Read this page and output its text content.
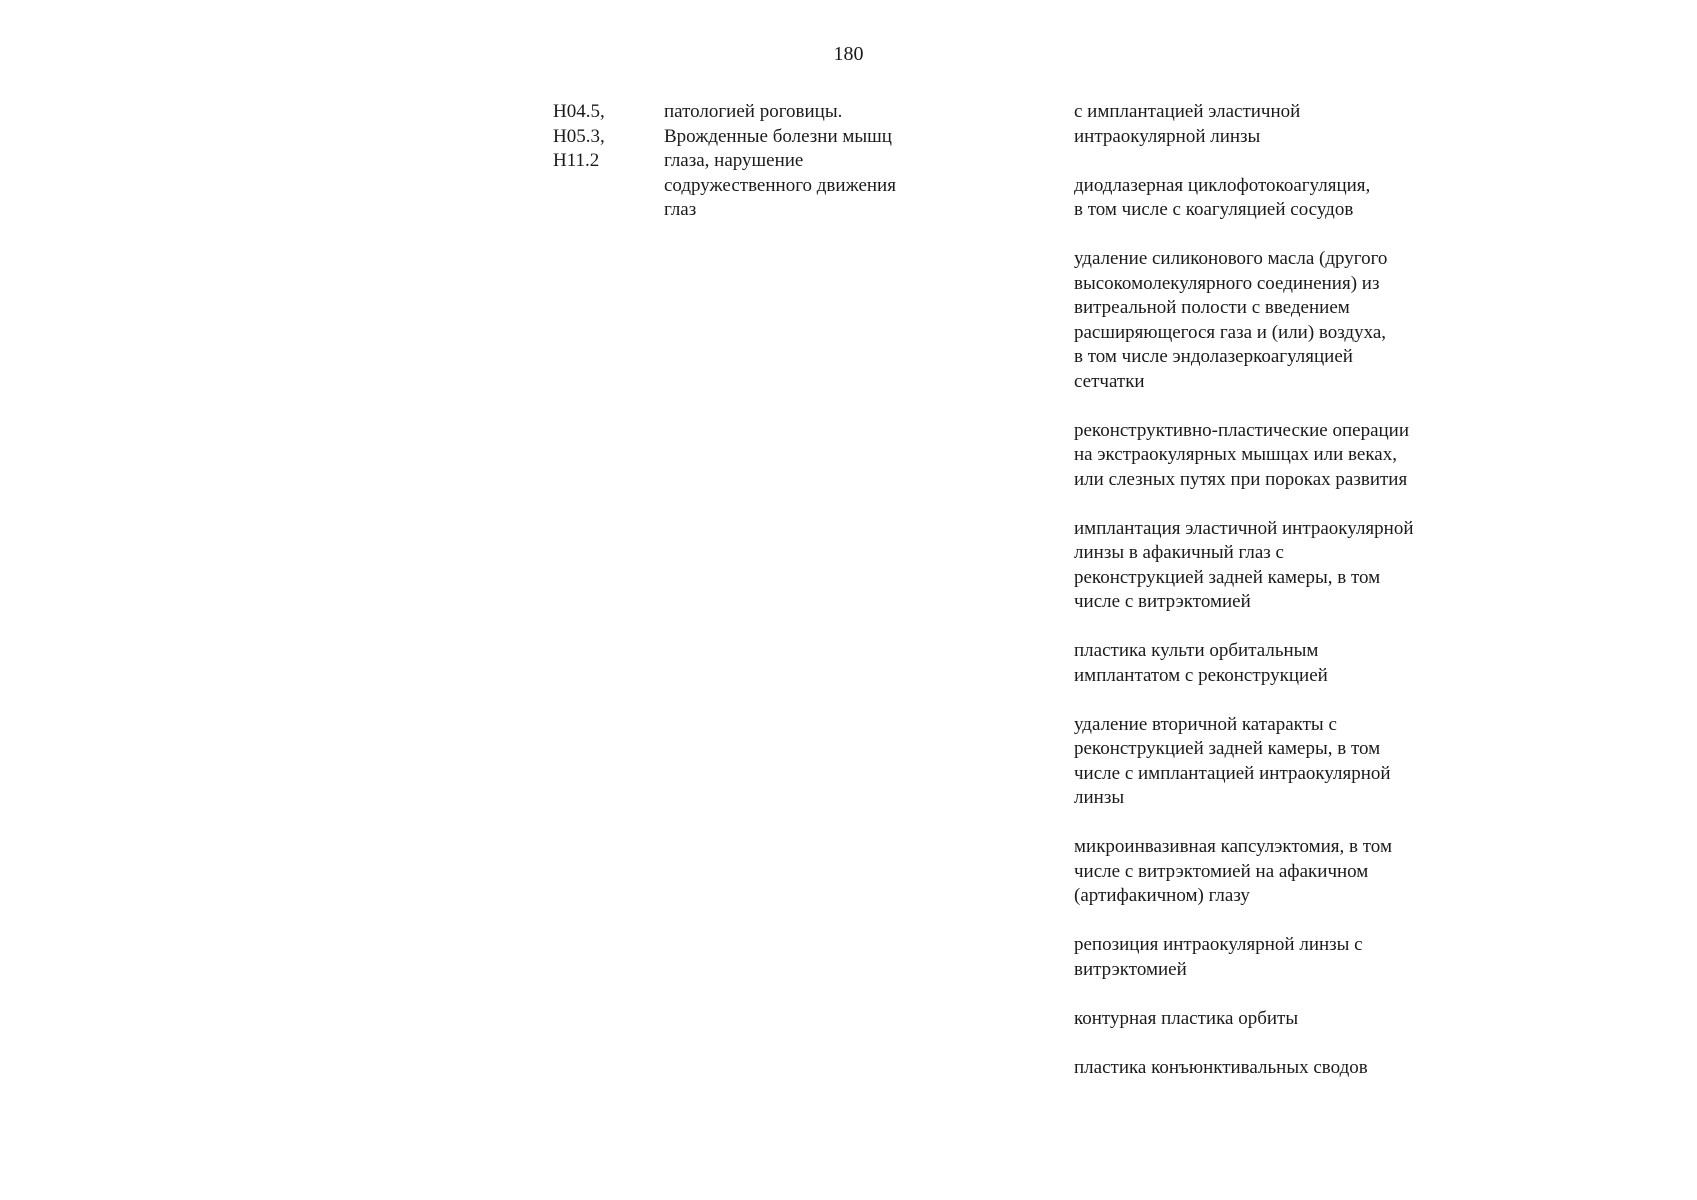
180
H04.5,
H05.3,
H11.2
патологией роговицы.
Врожденные болезни мышц
глаза, нарушение
содружественного движения
глаз
с имплантацией эластичной
интраокулярной линзы
диодлазерная циклофотокоагуляция,
в том числе с коагуляцией сосудов
удаление силиконового масла (другого
высокомолекулярного соединения) из
витреальной полости с введением
расширяющегося газа и (или) воздуха,
в том числе эндолазеркоагуляцией
сетчатки
реконструктивно-пластические операции
на экстраокулярных мышцах или веках,
или слезных путях при пороках развития
имплантация эластичной интраокулярной
линзы в афакичный глаз с
реконструкцией задней камеры, в том
числе с витрэктомией
пластика культи орбитальным
имплантатом с реконструкцией
удаление вторичной катаракты с
реконструкцией задней камеры, в том
числе с имплантацией интраокулярной
линзы
микроинвазивная капсулэктомия, в том
числе с витрэктомией на афакичном
(артифакичном) глазу
репозиция интраокулярной линзы с
витрэктомией
контурная пластика орбиты
пластика конъюнктивальных сводов
